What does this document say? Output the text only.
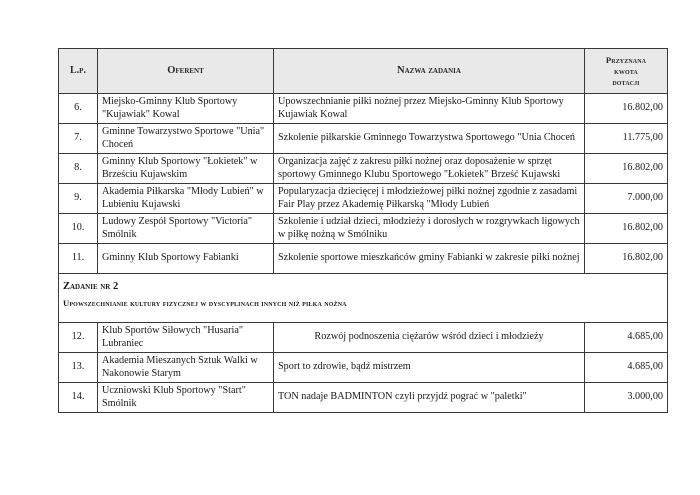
L.p.	Oferent	Nazwa zadania	Przyznana
kwota
dotacji

6.	Miejsko-Gminny Klub Sportowy "Kujawiak" Kowal	Upowszechnianie piłki nożnej przez Miejsko-Gminny Klub Sportowy Kujawiak Kowal	16.802,00
7.	Gminne Towarzystwo Sportowe "Unia" Choceń	Szkolenie piłkarskie Gminnego Towarzystwa Sportowego "Unia Choceń	11.775,00
8.	Gminny Klub Sportowy "Łokietek" w Brześciu Kujawskim	Organizacja zajęć z zakresu piłki nożnej oraz doposażenie w sprzęt sportowy Gminnego Klubu Sportowego "Łokietek" Brześć Kujawski	16.802,00
9.	Akademia Piłkarska "Młody Lubień" w Lubieniu Kujawski	Popularyzacja dziecięcej i młodzieżowej piłki nożnej zgodnie z zasadami Fair Play przez Akademię Piłkarską "Młody Lubień	7.000,00
10.	Ludowy Zespół Sportowy "Victoria" Smólnik	Szkolenie i udział dzieci, młodzieży i dorosłych w rozgrywkach ligowych w piłkę nożną w Smólniku	16.802,00
11.	Gminny Klub Sportowy Fabianki	Szkolenie sportowe mieszkańców gminy Fabianki w zakresie piłki nożnej	16.802,00

Zadanie nr 2
Upowszechnianie kultury fizycznej w dyscyplinach innych niż piłka nożna			

12.	Klub Sportów Siłowych "Husaria" Lubraniec	Rozwój podnoszenia ciężarów wśród dzieci i młodzieży	4.685,00
13.	Akademia Mieszanych Sztuk Walki w Nakonowie Starym	Sport to zdrowie, bądź mistrzem	4.685,00
14.	Uczniowski Klub Sportowy "Start" Smólnik	TON nadaje BADMINTON czyli przyjdź pograć w "paletki"	3.000,00
